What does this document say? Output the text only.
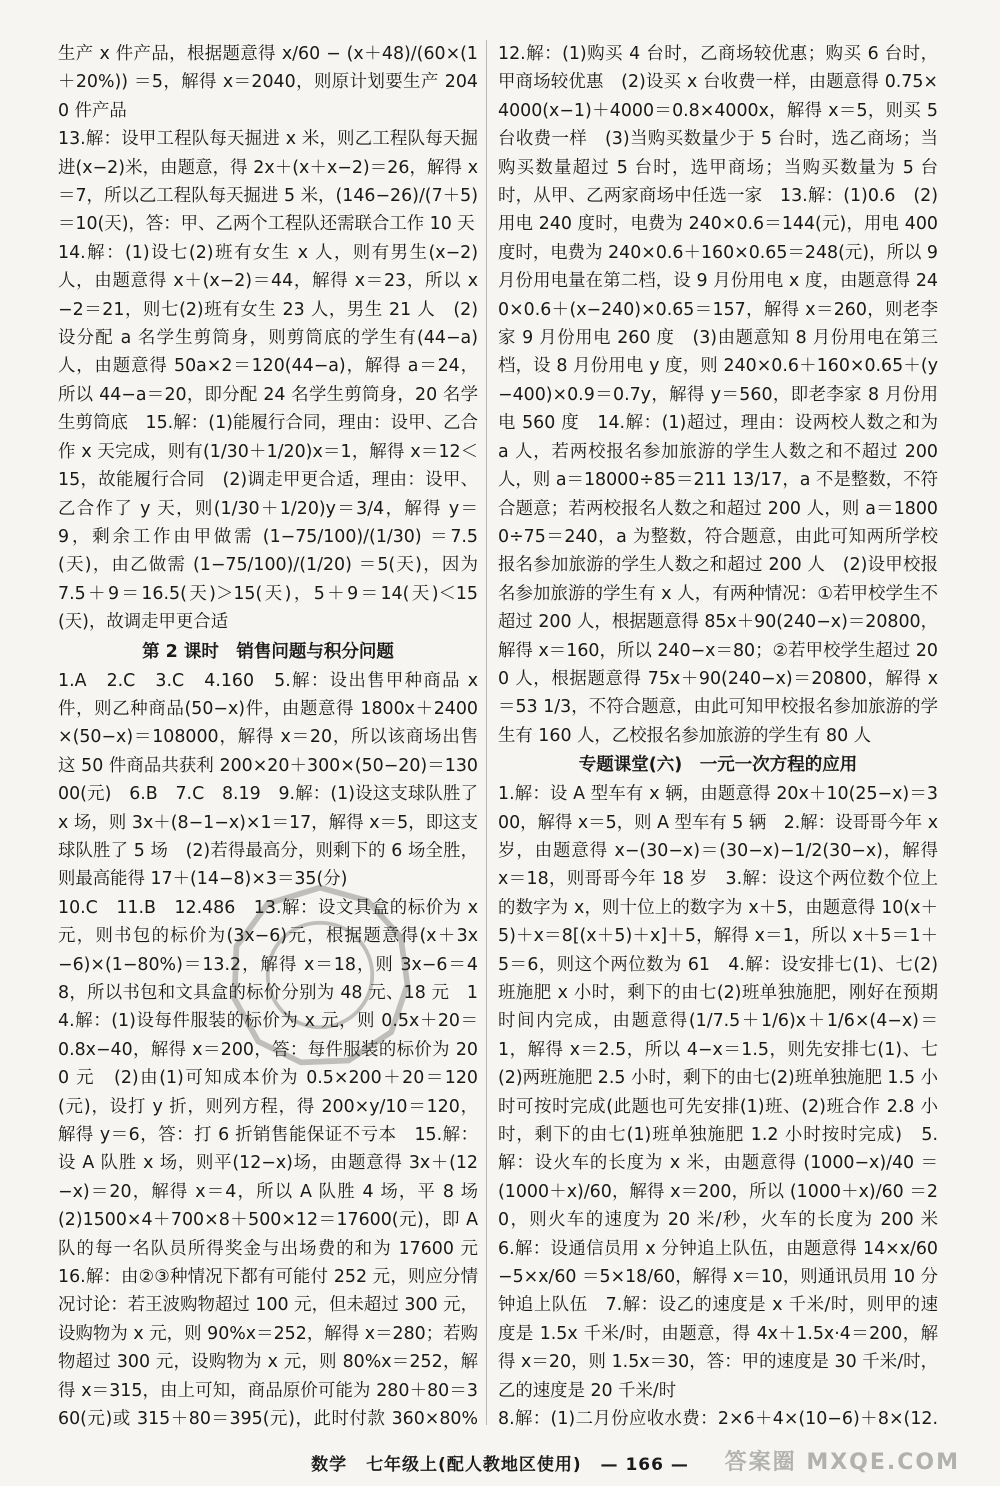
生产 x 件产品，根据题意得 x/60 − (x＋48)/(60×(1＋20%)) ＝5，解得 x＝2040，则原计划要生产 2040 件产品

13.解：设甲工程队每天掘进 x 米，则乙工程队每天掘进(x−2)米，由题意，得 2x＋(x＋x−2)＝26，解得 x＝7，所以乙工程队每天掘进 5 米，(146−26)/(7＋5) ＝10(天)，答：甲、乙两个工程队还需联合工作 10 天

14.解：(1)设七(2)班有女生 x 人，则有男生(x−2)人，由题意得 x＋(x−2)＝44，解得 x＝23，所以 x−2＝21，则七(2)班有女生 23 人，男生 21 人　(2)设分配 a 名学生剪筒身，则剪筒底的学生有(44−a)人，由题意得 50a×2＝120(44−a)，解得 a＝24，所以 44−a＝20，即分配 24 名学生剪筒身，20 名学生剪筒底　15.解：(1)能履行合同，理由：设甲、乙合作 x 天完成，则有(1/30＋1/20)x＝1，解得 x＝12＜15，故能履行合同　(2)调走甲更合适，理由：设甲、乙合作了 y 天，则(1/30＋1/20)y＝3/4，解得 y＝9，剩余工作由甲做需 (1−75/100)/(1/30) ＝7.5(天)，由乙做需 (1−75/100)/(1/20) ＝5(天)，因为 7.5＋9＝16.5(天)＞15(天)，5＋9＝14(天)＜15(天)，故调走甲更合适

第 2 课时　销售问题与积分问题

1.A　2.C　3.C　4.160　5.解：设出售甲种商品 x 件，则乙种商品(50−x)件，由题意得 1800x＋2400×(50−x)＝108000，解得 x＝20，所以该商场出售这 50 件商品共获利 200×20＋300×(50−20)＝13000(元)　6.B　7.C　8.19　9.解：(1)设这支球队胜了 x 场，则 3x＋(8−1−x)×1＝17，解得 x＝5，即这支球队胜了 5 场　(2)若得最高分，则剩下的 6 场全胜，则最高能得 17＋(14−8)×3＝35(分)

10.C　11.B　12.486　13.解：设文具盒的标价为 x 元，则书包的标价为(3x−6)元，根据题意得(x＋3x−6)×(1−80%)＝13.2，解得 x＝18，则 3x−6＝48，所以书包和文具盒的标价分别为 48 元、18 元　14.解：(1)设每件服装的标价为 x 元，则 0.5x＋20＝0.8x−40，解得 x＝200，答：每件服装的标价为 200 元　(2)由(1)可知成本价为 0.5×200＋20＝120(元)，设打 y 折，则列方程，得 200×y/10＝120，解得 y＝6，答：打 6 折销售能保证不亏本　15.解：设 A 队胜 x 场，则平(12−x)场，由题意得 3x＋(12−x)＝20，解得 x＝4，所以 A 队胜 4 场，平 8 场　(2)1500×4＋700×8＋500×12＝17600(元)，即 A 队的每一名队员所得奖金与出场费的和为 17600 元　16.解：由②③种情况下都有可能付 252 元，则应分情况讨论：若王波购物超过 100 元，但未超过 300 元，设购物为 x 元，则 90%x＝252，解得 x＝280；若购物超过 300 元，设购物为 x 元，则 80%x＝252，解得 x＝315，由上可知，商品原价可能为 280＋80＝360(元)或 315＋80＝395(元)，此时付款 360×80%

12.解：(1)购买 4 台时，乙商场较优惠；购买 6 台时，甲商场较优惠　(2)设买 x 台收费一样，由题意得 0.75×4000(x−1)＋4000＝0.8×4000x，解得 x＝5，则买 5 台收费一样　(3)当购买数量少于 5 台时，选乙商场；当购买数量超过 5 台时，选甲商场；当购买数量为 5 台时，从甲、乙两家商场中任选一家　13.解：(1)0.6　(2)用电 240 度时，电费为 240×0.6＝144(元)，用电 400 度时，电费为 240×0.6＋160×0.65＝248(元)，所以 9 月份用电量在第二档，设 9 月份用电 x 度，由题意得 240×0.6＋(x−240)×0.65＝157，解得 x＝260，则老李家 9 月份用电 260 度　(3)由题意知 8 月份用电在第三档，设 8 月份用电 y 度，则 240×0.6＋160×0.65＋(y−400)×0.9＝0.7y，解得 y＝560，即老李家 8 月份用电 560 度　14.解：(1)超过，理由：设两校人数之和为 a 人，若两校报名参加旅游的学生人数之和不超过 200 人，则 a＝18000÷85＝211 13/17，a 不是整数，不符合题意；若两校报名人数之和超过 200 人，则 a＝18000÷75＝240，a 为整数，符合题意，由此可知两所学校报名参加旅游的学生人数之和超过 200 人　(2)设甲校报名参加旅游的学生有 x 人，有两种情况：①若甲校学生不超过 200 人，根据题意得 85x＋90(240−x)＝20800，解得 x＝160，所以 240−x＝80；②若甲校学生超过 200 人，根据题意得 75x＋90(240−x)＝20800，解得 x＝53 1/3，不符合题意，由此可知甲校报名参加旅游的学生有 160 人，乙校报名参加旅游的学生有 80 人

专题课堂(六)　一元一次方程的应用

1.解：设 A 型车有 x 辆，由题意得 20x＋10(25−x)＝300，解得 x＝5，则 A 型车有 5 辆　2.解：设哥哥今年 x 岁，由题意得 x−(30−x)＝(30−x)−1/2(30−x)，解得 x＝18，则哥哥今年 18 岁　3.解：设这个两位数个位上的数字为 x，则十位上的数字为 x＋5，由题意得 10(x＋5)＋x＝8[(x＋5)＋x]＋5，解得 x＝1，所以 x＋5＝1＋5＝6，则这个两位数为 61　4.解：设安排七(1)、七(2)班施肥 x 小时，剩下的由七(2)班单独施肥，刚好在预期时间内完成，由题意得(1/7.5＋1/6)x＋1/6×(4−x)＝1，解得 x＝2.5，所以 4−x＝1.5，则先安排七(1)、七(2)两班施肥 2.5 小时，剩下的由七(2)班单独施肥 1.5 小时可按时完成(此题也可先安排(1)班、(2)班合作 2.8 小时，剩下的由七(1)班单独施肥 1.2 小时按时完成)　5.解：设火车的长度为 x 米，由题意得 (1000−x)/40 ＝ (1000＋x)/60，解得 x＝200，所以 (1000＋x)/60 ＝20，则火车的速度为 20 米/秒，火车的长度为 200 米　6.解：设通信员用 x 分钟追上队伍，由题意得 14×x/60 −5×x/60 ＝5×18/60，解得 x＝10，则通讯员用 10 分钟追上队伍　7.解：设乙的速度是 x 千米/时，则甲的速度是 1.5x 千米/时，由题意，得 4x＋1.5x·4＝200，解得 x＝20，则 1.5x＝30，答：甲的速度是 30 千米/时，乙的速度是 20 千米/时

8.解：(1)二月份应收水费：2×6＋4×(10−6)＋8×(12.　

数学 七年级上(配人教地区使用) — 166 —	答案圈 MXQE.COM
